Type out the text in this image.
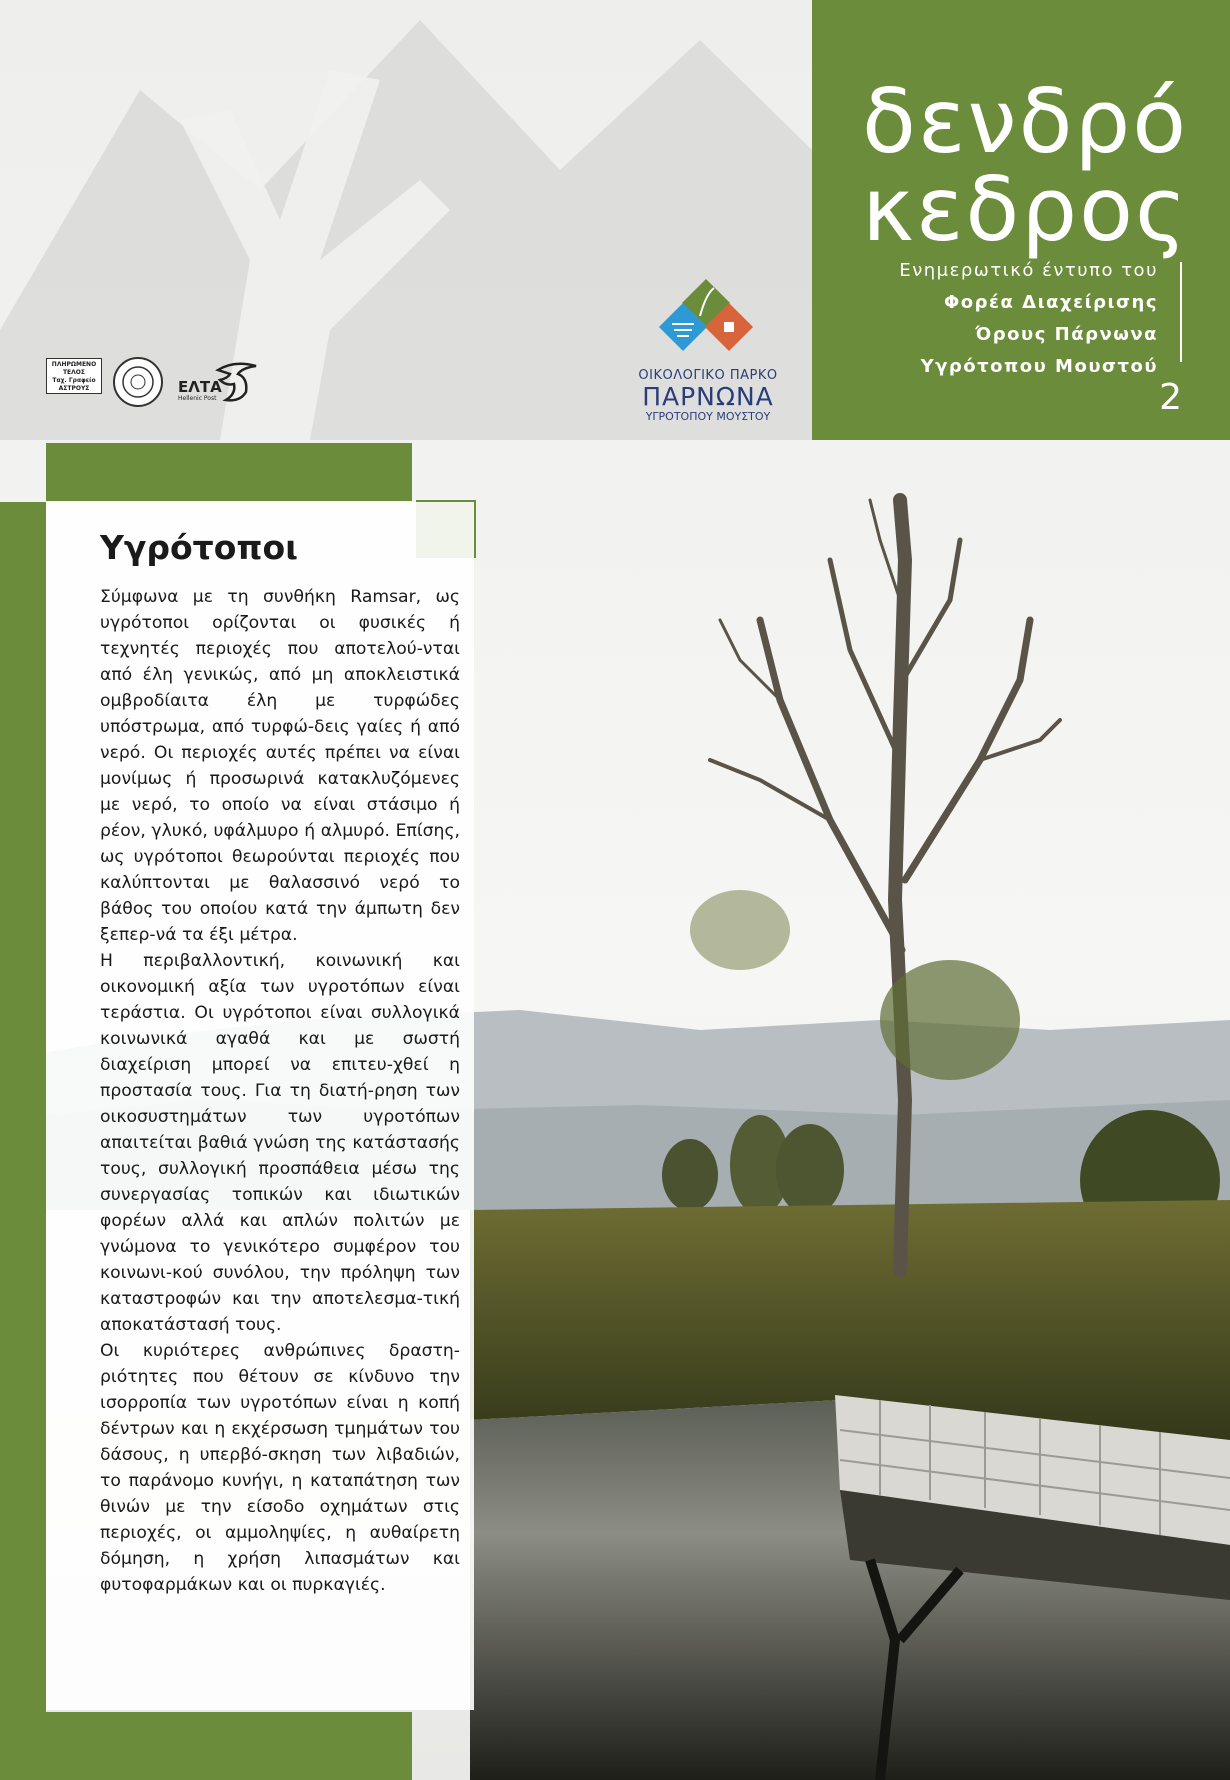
δενδρό
κεδρος
Ενημερωτικό έντυπο του
Φορέα Διαχείρισης
Όρους Πάρνωνα
Υγρότοπου Μουστού
2
ΟΙΚΟΛΟΓΙΚΟ ΠΑΡΚΟ
ΠΑΡΝΩΝΑ
ΥΓΡΟΤΟΠΟΥ ΜΟΥΣΤΟΥ
ΠΛΗΡΩΜΕΝΟ
ΤΕΛΟΣ
Ταχ. Γραφείο
ΑΣΤΡΟΥΣ	ΕΛΤΑ
Hellenic Post
Υγρότοποι

Σύμφωνα με τη συνθήκη Ramsar, ως υγρότοποι ορίζονται οι φυσικές ή τεχνητές περιοχές που αποτελού-νται από έλη γενικώς, από μη αποκλειστικά ομβροδίαιτα έλη με τυρφώδες υπόστρωμα, από τυρφώ-δεις γαίες ή από νερό. Οι περιοχές αυτές πρέπει να είναι μονίμως ή προσωρινά κατακλυζόμενες με νερό, το οποίο να είναι στάσιμο ή ρέον, γλυκό, υφάλμυρο ή αλμυρό. Επίσης, ως υγρότοποι θεωρούνται περιοχές που καλύπτονται με θαλασσινό νερό το βάθος του οποίου κατά την άμπωτη δεν ξεπερ-νά τα έξι μέτρα.

Η περιβαλλοντική, κοινωνική και οικονομική αξία των υγροτόπων είναι τεράστια. Οι υγρότοποι είναι συλλογικά κοινωνικά αγαθά και με σωστή διαχείριση μπορεί να επιτευ-χθεί η προστασία τους. Για τη διατή-ρηση των οικοσυστημάτων των υγροτόπων απαιτείται βαθιά γνώση της κατάστασής τους, συλλογική προσπάθεια μέσω της συνεργασίας τοπικών και ιδιωτικών φορέων αλλά και απλών πολιτών με γνώμονα το γενικότερο συμφέρον του κοινωνι-κού συνόλου, την πρόληψη των καταστροφών και την αποτελεσμα-τική αποκατάστασή τους.

Οι κυριότερες ανθρώπινες δραστη-ριότητες που θέτουν σε κίνδυνο την ισορροπία των υγροτόπων είναι η κοπή δέντρων και η εκχέρσωση τμημάτων του δάσους, η υπερβό-σκηση των λιβαδιών, το παράνομο κυνήγι, η καταπάτηση των θινών με την είσοδο οχημάτων στις περιοχές, οι αμμοληψίες, η αυθαίρετη δόμηση, η χρήση λιπασμάτων και φυτοφαρμάκων και οι πυρκαγιές.
